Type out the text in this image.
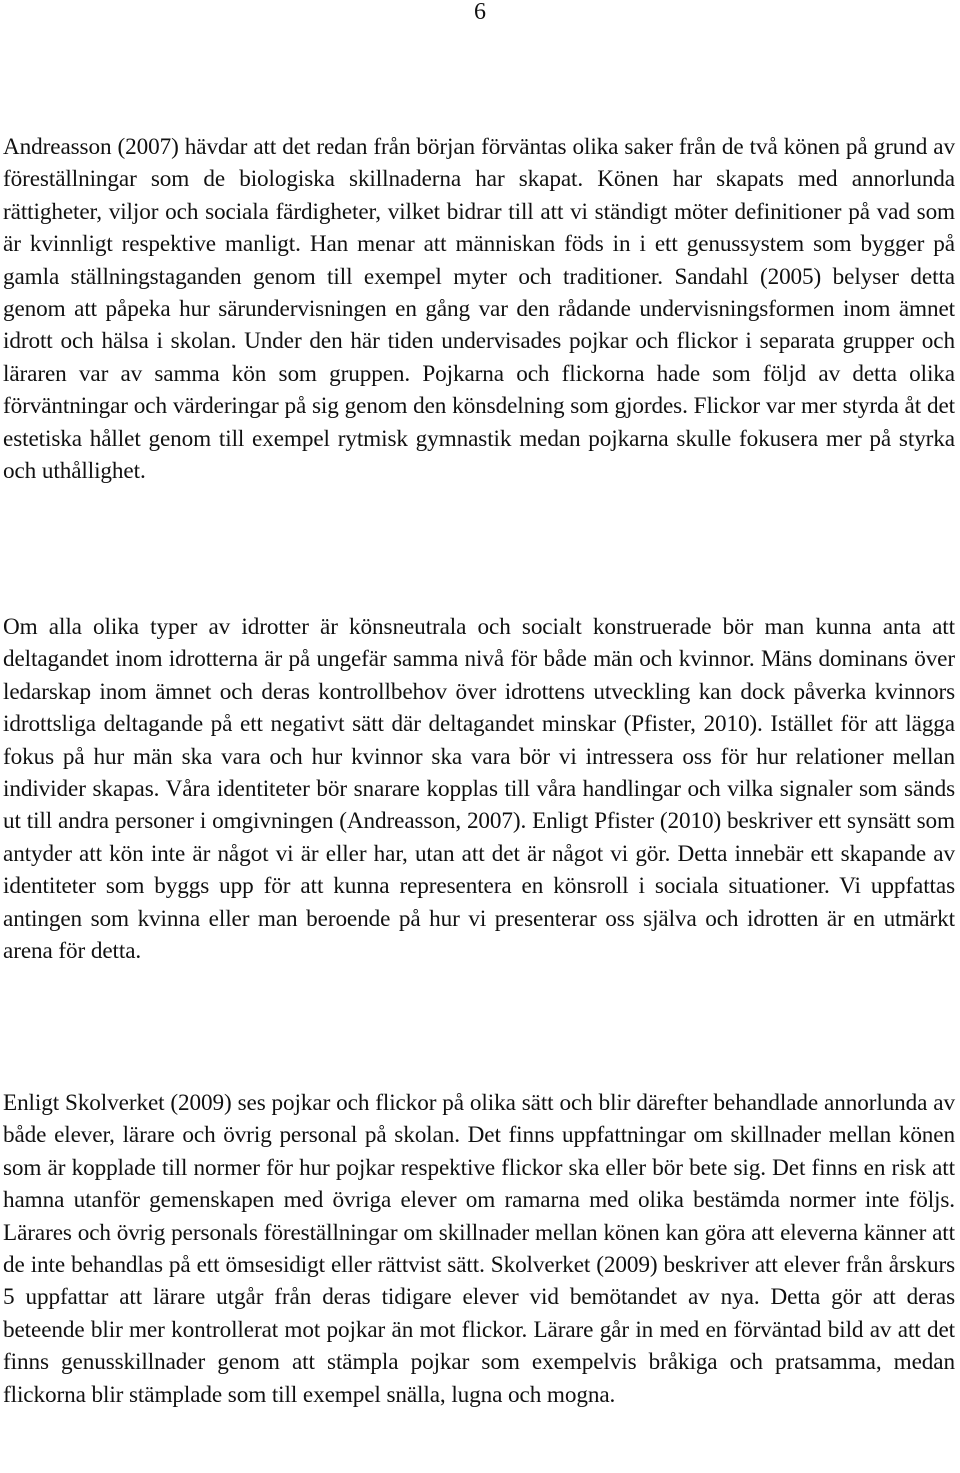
6

Andreasson (2007) hävdar att det redan från början förväntas olika saker från de två könen på grund av föreställningar som de biologiska skillnaderna har skapat. Könen har skapats med annorlunda rättigheter, viljor och sociala färdigheter, vilket bidrar till att vi ständigt möter definitioner på vad som är kvinnligt respektive manligt. Han menar att människan föds in i ett genussystem som bygger på gamla ställningstaganden genom till exempel myter och traditioner. Sandahl (2005) belyser detta genom att påpeka hur särundervisningen en gång var den rådande undervisningsformen inom ämnet idrott och hälsa i skolan. Under den här tiden undervisades pojkar och flickor i separata grupper och läraren var av samma kön som gruppen. Pojkarna och flickorna hade som följd av detta olika förväntningar och värderingar på sig genom den könsdelning som gjordes. Flickor var mer styrda åt det estetiska hållet genom till exempel rytmisk gymnastik medan pojkarna skulle fokusera mer på styrka och uthållighet.

Om alla olika typer av idrotter är könsneutrala och socialt konstruerade bör man kunna anta att deltagandet inom idrotterna är på ungefär samma nivå för både män och kvinnor. Mäns dominans över ledarskap inom ämnet och deras kontrollbehov över idrottens utveckling kan dock påverka kvinnors idrottsliga deltagande på ett negativt sätt där deltagandet minskar (Pfister, 2010). Istället för att lägga fokus på hur män ska vara och hur kvinnor ska vara bör vi intressera oss för hur relationer mellan individer skapas. Våra identiteter bör snarare kopplas till våra handlingar och vilka signaler som sänds ut till andra personer i omgivningen (Andreasson, 2007). Enligt Pfister (2010) beskriver ett synsätt som antyder att kön inte är något vi är eller har, utan att det är något vi gör. Detta innebär ett skapande av identiteter som byggs upp för att kunna representera en könsroll i sociala situationer. Vi uppfattas antingen som kvinna eller man beroende på hur vi presenterar oss själva och idrotten är en utmärkt arena för detta.

Enligt Skolverket (2009) ses pojkar och flickor på olika sätt och blir därefter behandlade annorlunda av både elever, lärare och övrig personal på skolan. Det finns uppfattningar om skillnader mellan könen som är kopplade till normer för hur pojkar respektive flickor ska eller bör bete sig. Det finns en risk att hamna utanför gemenskapen med övriga elever om ramarna med olika bestämda normer inte följs. Lärares och övrig personals föreställningar om skillnader mellan könen kan göra att eleverna känner att de inte behandlas på ett ömsesidigt eller rättvist sätt. Skolverket (2009) beskriver att elever från årskurs 5 uppfattar att lärare utgår från deras tidigare elever vid bemötandet av nya. Detta gör att deras beteende blir mer kontrollerat mot pojkar än mot flickor. Lärare går in med en förväntad bild av att det finns genusskillnader genom att stämpla pojkar som exempelvis bråkiga och pratsamma, medan flickorna blir stämplade som till exempel snälla, lugna och mogna.
